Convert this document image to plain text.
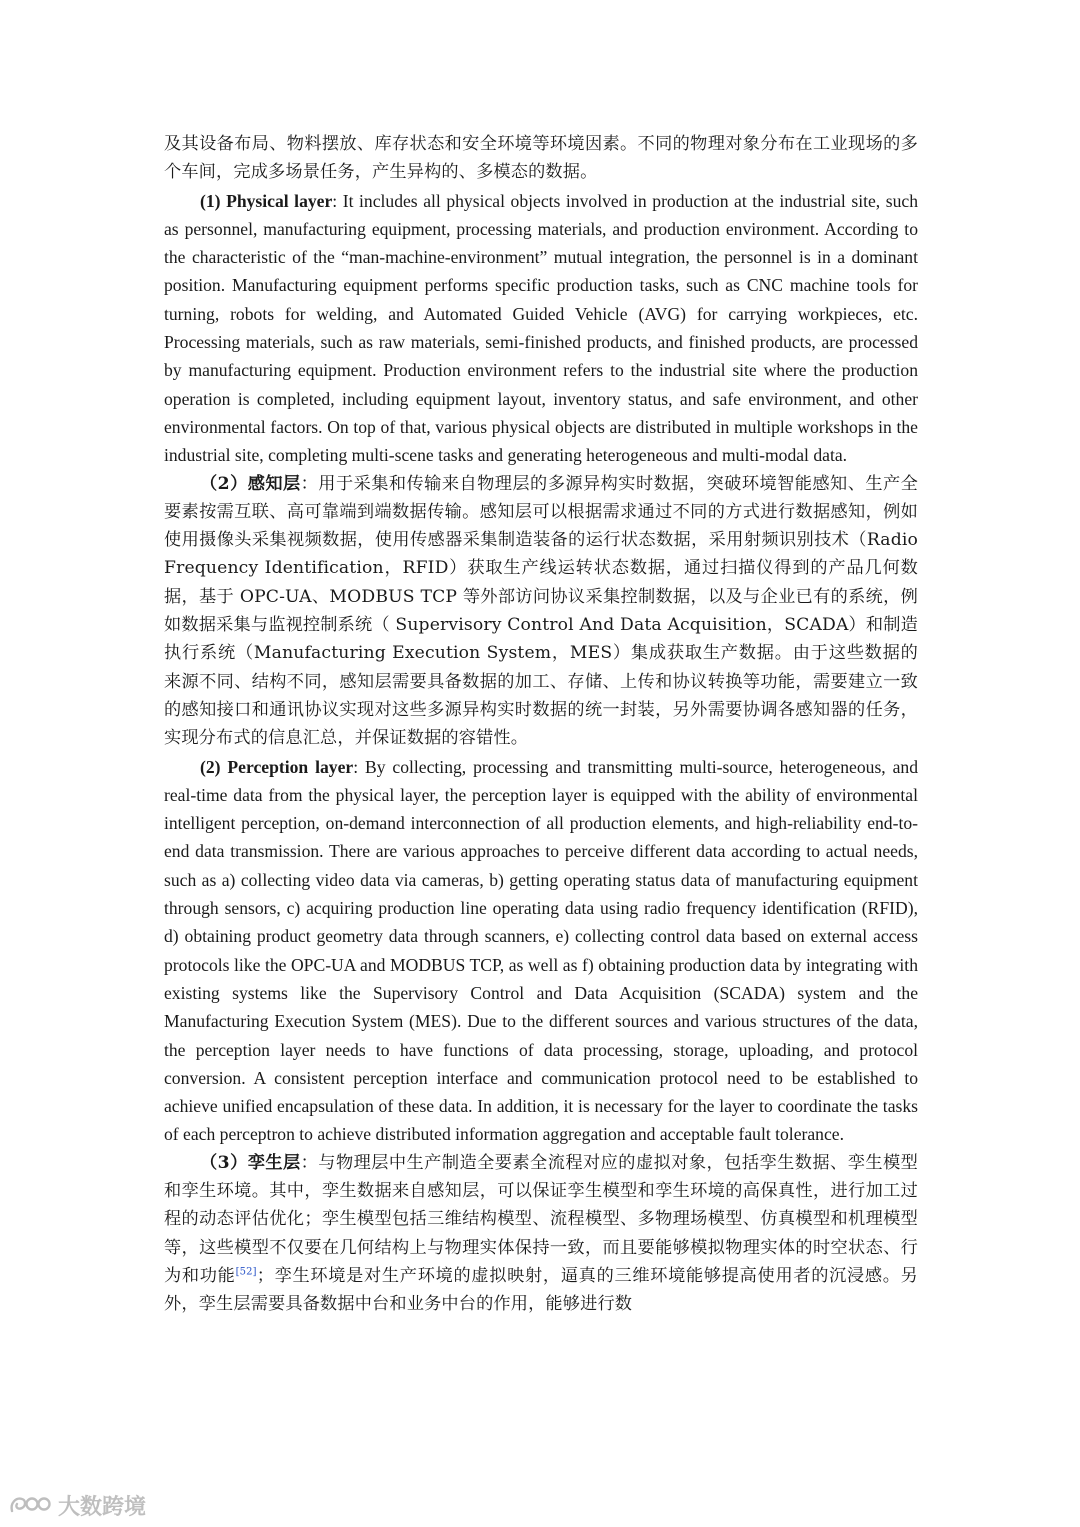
及其设备布局、物料摆放、库存状态和安全环境等环境因素。不同的物理对象分布在工业现场的多个车间，完成多场景任务，产生异构的、多模态的数据。

(1) Physical layer: It includes all physical objects involved in production at the industrial site, such as personnel, manufacturing equipment, processing materials, and production environment. According to the characteristic of the “man-machine-environment” mutual integration, the personnel is in a dominant position. Manufacturing equipment performs specific production tasks, such as CNC machine tools for turning, robots for welding, and Automated Guided Vehicle (AVG) for carrying workpieces, etc. Processing materials, such as raw materials, semi-finished products, and finished products, are processed by manufacturing equipment. Production environment refers to the industrial site where the production operation is completed, including equipment layout, inventory status, and safe environment, and other environmental factors. On top of that, various physical objects are distributed in multiple workshops in the industrial site, completing multi-scene tasks and generating heterogeneous and multi-modal data.

（2）感知层：用于采集和传输来自物理层的多源异构实时数据，突破环境智能感知、生产全要素按需互联、高可靠端到端数据传输。感知层可以根据需求通过不同的方式进行数据感知，例如使用摄像头采集视频数据，使用传感器采集制造装备的运行状态数据，采用射频识别技术（Radio Frequency Identification，RFID）获取生产线运转状态数据，通过扫描仪得到的产品几何数据，基于 OPC-UA、MODBUS TCP 等外部访问协议采集控制数据，以及与企业已有的系统，例如数据采集与监视控制系统（ Supervisory Control And Data Acquisition，SCADA）和制造执行系统（Manufacturing Execution System，MES）集成获取生产数据。由于这些数据的来源不同、结构不同，感知层需要具备数据的加工、存储、上传和协议转换等功能，需要建立一致的感知接口和通讯协议实现对这些多源异构实时数据的统一封装，另外需要协调各感知器的任务，实现分布式的信息汇总，并保证数据的容错性。

(2) Perception layer: By collecting, processing and transmitting multi-source, heterogeneous, and real-time data from the physical layer, the perception layer is equipped with the ability of environmental intelligent perception, on-demand interconnection of all production elements, and high-reliability end-to-end data transmission. There are various approaches to perceive different data according to actual needs, such as a) collecting video data via cameras, b) getting operating status data of manufacturing equipment through sensors, c) acquiring production line operating data using radio frequency identification (RFID), d) obtaining product geometry data through scanners, e) collecting control data based on external access protocols like the OPC-UA and MODBUS TCP, as well as f) obtaining production data by integrating with existing systems like the Supervisory Control and Data Acquisition (SCADA) system and the Manufacturing Execution System (MES). Due to the different sources and various structures of the data, the perception layer needs to have functions of data processing, storage, uploading, and protocol conversion. A consistent perception interface and communication protocol need to be established to achieve unified encapsulation of these data. In addition, it is necessary for the layer to coordinate the tasks of each perceptron to achieve distributed information aggregation and acceptable fault tolerance.

（3）孪生层：与物理层中生产制造全要素全流程对应的虚拟对象，包括孪生数据、孪生模型和孪生环境。其中，孪生数据来自感知层，可以保证孪生模型和孪生环境的高保真性，进行加工过程的动态评估优化；孪生模型包括三维结构模型、流程模型、多物理场模型、仿真模型和机理模型等，这些模型不仅要在几何结构上与物理实体保持一致，而且要能够模拟物理实体的时空状态、行为和功能[52]；孪生环境是对生产环境的虚拟映射，逼真的三维环境能够提高使用者的沉浸感。另外，孪生层需要具备数据中台和业务中台的作用，能够进行数

大数跨境
